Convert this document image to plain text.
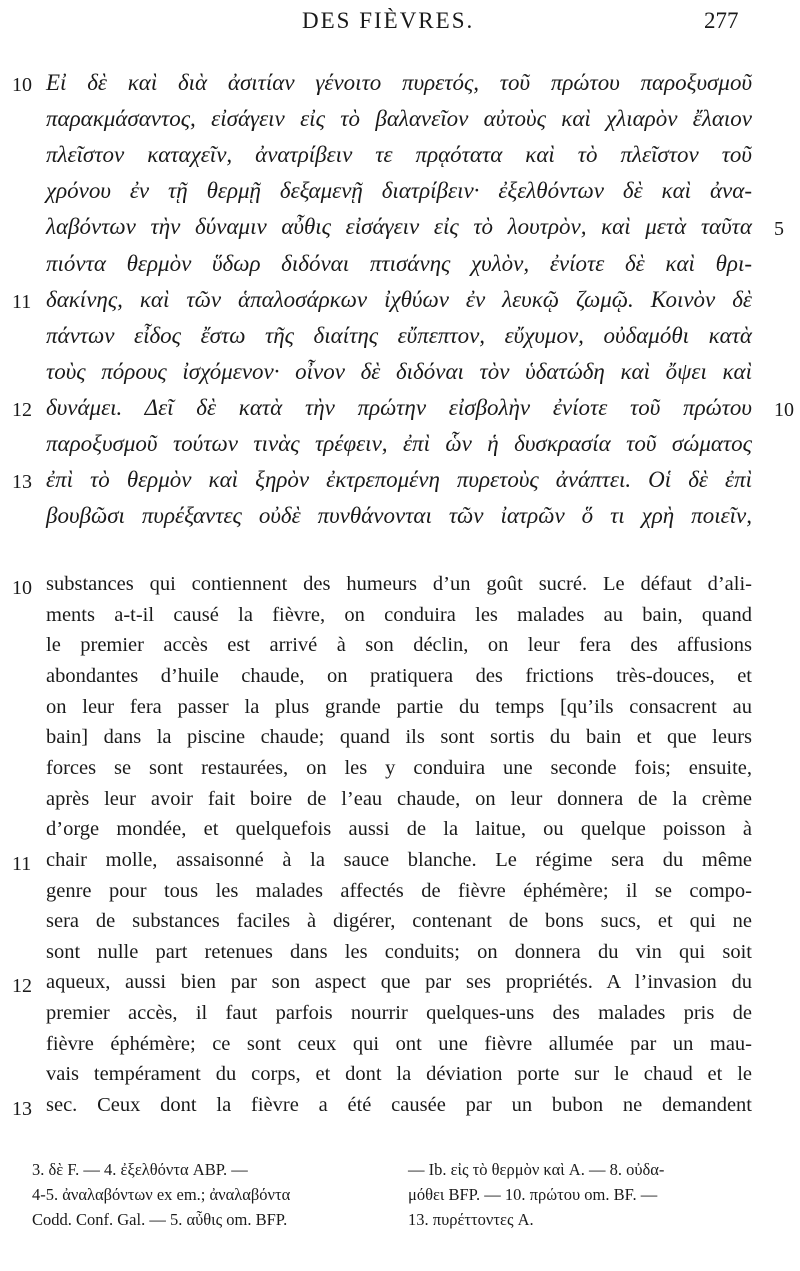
DES FIÈVRES.	277
Εἰ δὲ καὶ διὰ ἀσιτίαν γένοιτο πυρετός, τοῦ πρώτου παροξυσμοῦ
10
παρακμάσαντος, εἰσάγειν εἰς τὸ βαλανεῖον αὐτοὺς καὶ χλιαρὸν ἔλαιον
πλεῖστον καταχεῖν, ἀνατρίβειν τε πρᾳότατα καὶ τὸ πλεῖστον τοῦ
χρόνου ἐν τῇ θερμῇ δεξαμενῇ διατρίβειν· ἐξελθόντων δὲ καὶ ἀνα-
λαβόντων τὴν δύναμιν αὖθις εἰσάγειν εἰς τὸ λουτρὸν, καὶ μετὰ ταῦτα 5
πιόντα θερμὸν ὕδωρ διδόναι πτισάνης χυλὸν, ἐνίοτε δὲ καὶ θρι-
δακίνης, καὶ τῶν ἁπαλοσάρκων ἰχθύων ἐν λευκῷ ζωμῷ. Κοινὸν δὲ
11
πάντων εἶδος ἔστω τῆς διαίτης εὔπεπτον, εὔχυμον, οὐδαμόθι κατὰ
τοὺς πόρους ἰσχόμενον· οἶνον δὲ διδόναι τὸν ὑδατώδη καὶ ὄψει καὶ
δυνάμει. Δεῖ δὲ κατὰ τὴν πρώτην εἰσβολὴν ἐνίοτε τοῦ πρώτου
12	10
παροξυσμοῦ τούτων τινὰς τρέφειν, ἐπὶ ὧν ἡ δυσκρασία τοῦ σώματος
ἐπὶ τὸ θερμὸν καὶ ξηρὸν ἐκτρεπομένη πυρετοὺς ἀνάπτει. Οἱ δὲ ἐπὶ
13
βουβῶσι πυρέξαντες οὐδὲ πυνθάνονται τῶν ἰατρῶν ὅ τι χρὴ ποιεῖν,
substances qui contiennent des humeurs d’un goût sucré. Le défaut d’ali-
10
ments a-t-il causé la fièvre, on conduira les malades au bain, quand
le premier accès est arrivé à son déclin, on leur fera des affusions
abondantes d’huile chaude, on pratiquera des frictions très-douces, et
on leur fera passer la plus grande partie du temps [qu’ils consacrent au
bain] dans la piscine chaude; quand ils sont sortis du bain et que leurs
forces se sont restaurées, on les y conduira une seconde fois; ensuite,
après leur avoir fait boire de l’eau chaude, on leur donnera de la crème
d’orge mondée, et quelquefois aussi de la laitue, ou quelque poisson à
chair molle, assaisonné à la sauce blanche. Le régime sera du même
11
genre pour tous les malades affectés de fièvre éphémère; il se compo-
sera de substances faciles à digérer, contenant de bons sucs, et qui ne
sont nulle part retenues dans les conduits; on donnera du vin qui soit
aqueux, aussi bien par son aspect que par ses propriétés. A l’invasion du
12
premier accès, il faut parfois nourrir quelques-uns des malades pris de
fièvre éphémère; ce sont ceux qui ont une fièvre allumée par un mau-
vais tempérament du corps, et dont la déviation porte sur le chaud et le
sec. Ceux dont la fièvre a été causée par un bubon ne demandent
13
3. δὲ F. — 4. ἐξελθόντα ABP. —
4-5. ἀναλαβόντων ex em.; ἀναλαβόντα
Codd. Conf. Gal. — 5. αὖθις om. BFP.
— Ib. εἰς τὸ θερμὸν καὶ A. — 8. οὐδα-
μόθει BFP. — 10. πρώτου om. BF. —
13. πυρέττοντες A.
